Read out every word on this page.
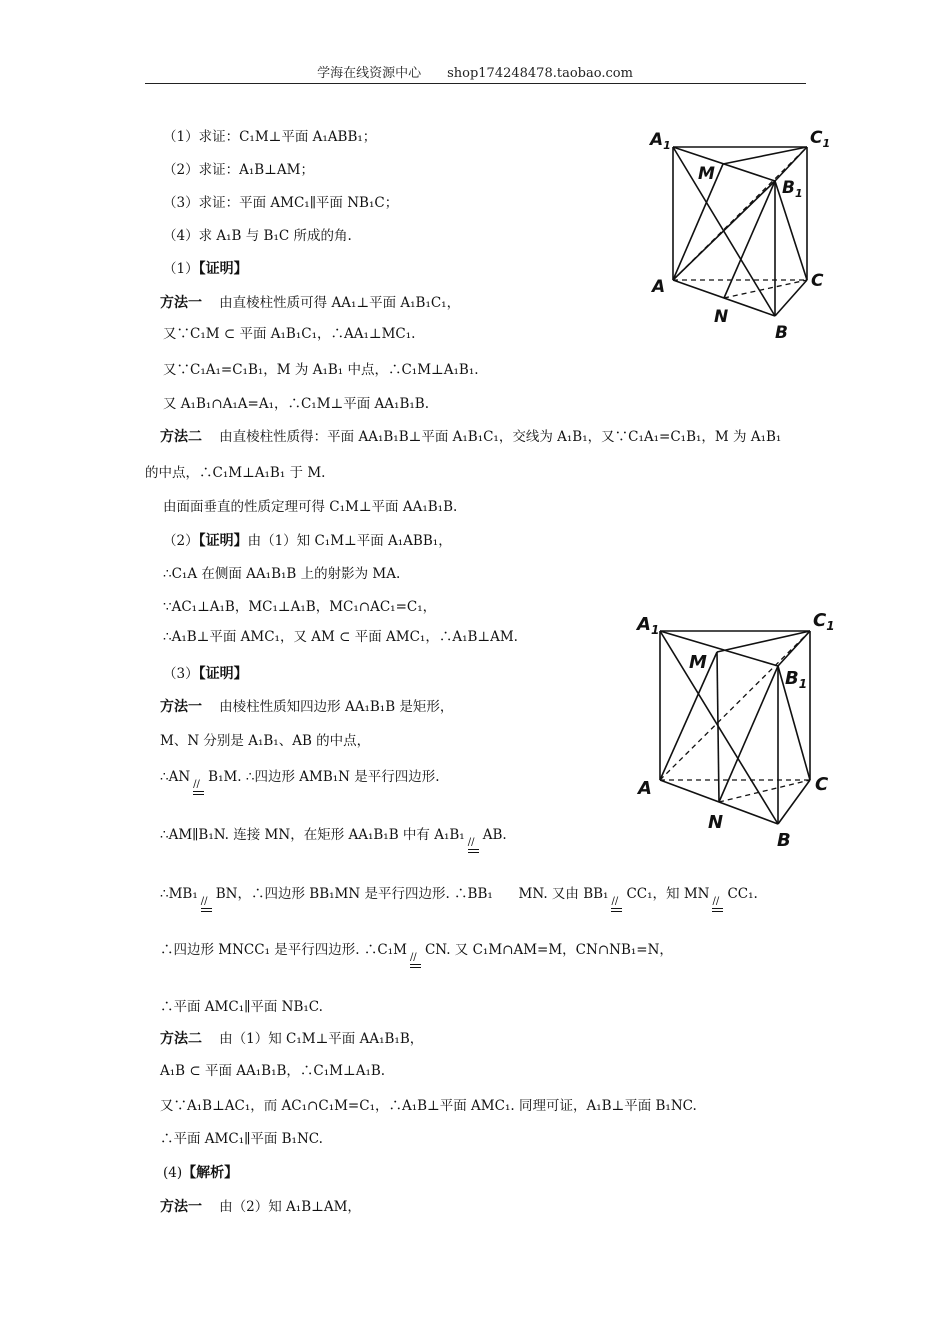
学海在线资源中心 shop174248478.taobao.com
$A_1$	$C_1$
M
$B_1$
A	C
N
B
$A_1$	$C_1$
M
$B_1$
A	C
N
B
（1）求证：C₁M⊥平面 A₁ABB₁；
（2）求证：A₁B⊥AM；
（3）求证：平面 AMC₁∥平面 NB₁C；
（4）求 A₁B 与 B₁C 所成的角.
（1）【证明】
方法一 由直棱柱性质可得 AA₁⊥平面 A₁B₁C₁，
又∵C₁M ⊂ 平面 A₁B₁C₁，∴AA₁⊥MC₁.
又∵C₁A₁=C₁B₁，M 为 A₁B₁ 中点，∴C₁M⊥A₁B₁.
又 A₁B₁∩A₁A=A₁，∴C₁M⊥平面 AA₁B₁B.
方法二 由直棱柱性质得：平面 AA₁B₁B⊥平面 A₁B₁C₁，交线为 A₁B₁，又∵C₁A₁=C₁B₁，M 为 A₁B₁
的中点，∴C₁M⊥A₁B₁ 于 M.
由面面垂直的性质定理可得 C₁M⊥平面 AA₁B₁B.
（2）【证明】由（1）知 C₁M⊥平面 A₁ABB₁，
∴C₁A 在侧面 AA₁B₁B 上的射影为 MA.
∵AC₁⊥A₁B，MC₁⊥A₁B，MC₁∩AC₁=C₁，
∴A₁B⊥平面 AMC₁，又 AM ⊂ 平面 AMC₁，∴A₁B⊥AM.
（3）【证明】
方法一 由棱柱性质知四边形 AA₁B₁B 是矩形，
M、N 分别是 A₁B₁、AB 的中点，
∴AN // B₁M. ∴四边形 AMB₁N 是平行四边形.
∴AM∥B₁N. 连接 MN，在矩形 AA₁B₁B 中有 A₁B₁ // AB.
∴MB₁ // BN，∴四边形 BB₁MN 是平行四边形. ∴BB₁ MN. 又由 BB₁ // CC₁，知 MN // CC₁.
∴四边形 MNCC₁ 是平行四边形. ∴C₁M // CN. 又 C₁M∩AM=M，CN∩NB₁=N，
∴平面 AMC₁∥平面 NB₁C.
方法二 由（1）知 C₁M⊥平面 AA₁B₁B，
A₁B ⊂ 平面 AA₁B₁B，∴C₁M⊥A₁B.
又∵A₁B⊥AC₁，而 AC₁∩C₁M=C₁，∴A₁B⊥平面 AMC₁. 同理可证，A₁B⊥平面 B₁NC.
∴平面 AMC₁∥平面 B₁NC.
(4)【解析】
方法一 由（2）知 A₁B⊥AM，
